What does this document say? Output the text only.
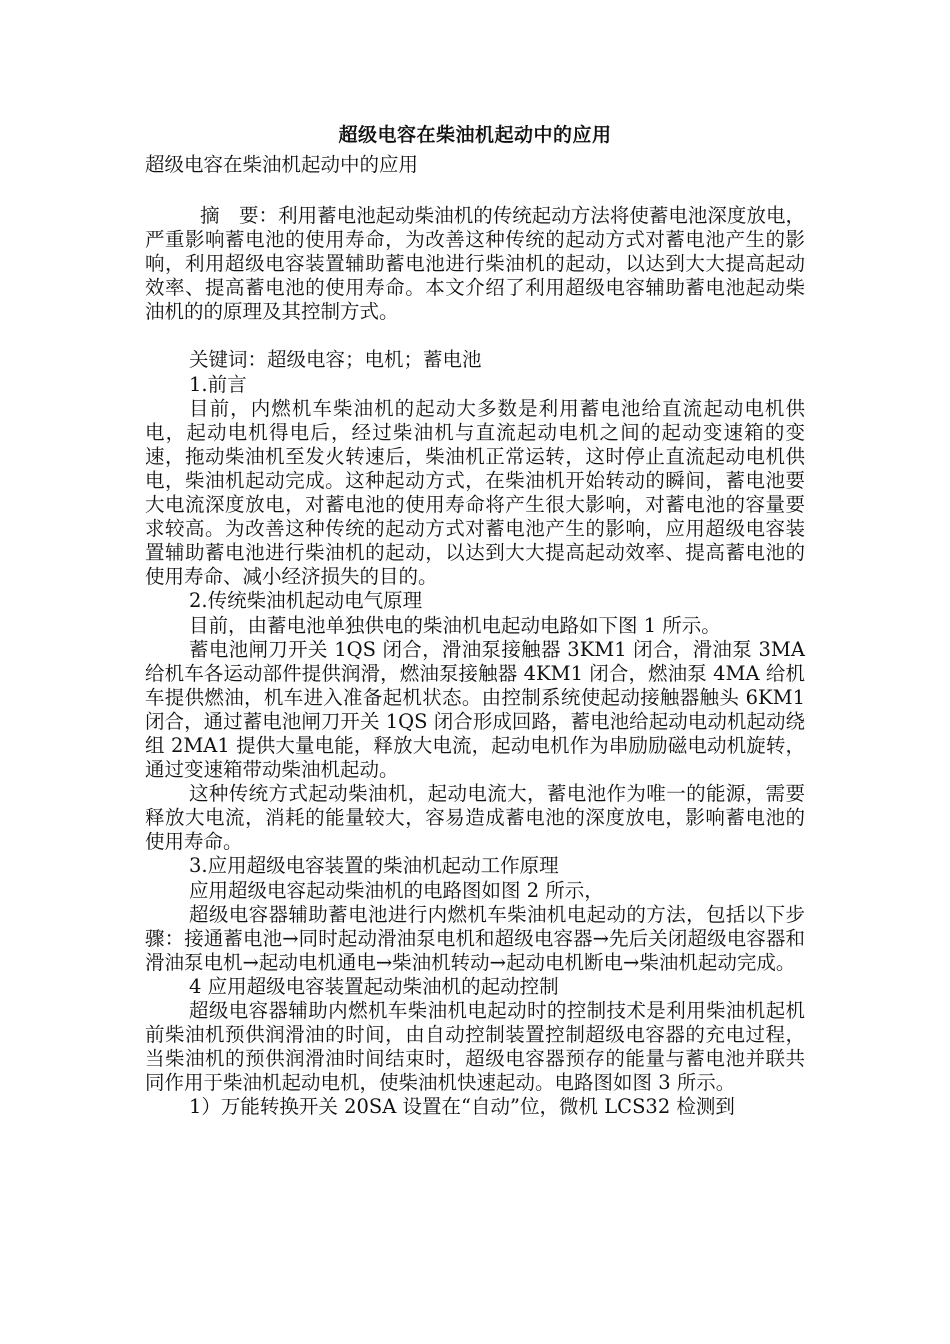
超级电容在柴油机起动中的应用

超级电容在柴油机起动中的应用

摘　要：利用蓄电池起动柴油机的传统起动方法将使蓄电池深度放电，严重影响蓄电池的使用寿命，为改善这种传统的起动方式对蓄电池产生的影响，利用超级电容装置辅助蓄电池进行柴油机的起动，以达到大大提高起动效率、提高蓄电池的使用寿命。本文介绍了利用超级电容辅助蓄电池起动柴油机的的原理及其控制方式。

关键词：超级电容；电机；蓄电池

1.前言

目前，内燃机车柴油机的起动大多数是利用蓄电池给直流起动电机供电，起动电机得电后，经过柴油机与直流起动电机之间的起动变速箱的变速，拖动柴油机至发火转速后，柴油机正常运转，这时停止直流起动电机供电，柴油机起动完成。这种起动方式，在柴油机开始转动的瞬间，蓄电池要大电流深度放电，对蓄电池的使用寿命将产生很大影响，对蓄电池的容量要求较高。为改善这种传统的起动方式对蓄电池产生的影响，应用超级电容装置辅助蓄电池进行柴油机的起动，以达到大大提高起动效率、提高蓄电池的使用寿命、减小经济损失的目的。

2.传统柴油机起动电气原理

目前，由蓄电池单独供电的柴油机电起动电路如下图 1 所示。

蓄电池闸刀开关 1QS 闭合，滑油泵接触器 3KM1 闭合，滑油泵 3MA 给机车各运动部件提供润滑，燃油泵接触器 4KM1 闭合，燃油泵 4MA 给机车提供燃油，机车进入准备起机状态。由控制系统使起动接触器触头 6KM1 闭合，通过蓄电池闸刀开关 1QS 闭合形成回路，蓄电池给起动电动机起动绕组 2MA1 提供大量电能，释放大电流，起动电机作为串励励磁电动机旋转，通过变速箱带动柴油机起动。

这种传统方式起动柴油机，起动电流大，蓄电池作为唯一的能源，需要释放大电流，消耗的能量较大，容易造成蓄电池的深度放电，影响蓄电池的使用寿命。

3.应用超级电容装置的柴油机起动工作原理

应用超级电容起动柴油机的电路图如图 2 所示，

超级电容器辅助蓄电池进行内燃机车柴油机电起动的方法，包括以下步骤：接通蓄电池→同时起动滑油泵电机和超级电容器→先后关闭超级电容器和滑油泵电机→起动电机通电→柴油机转动→起动电机断电→柴油机起动完成。

4 应用超级电容装置起动柴油机的起动控制

超级电容器辅助内燃机车柴油机电起动时的控制技术是利用柴油机起机前柴油机预供润滑油的时间，由自动控制装置控制超级电容器的充电过程，当柴油机的预供润滑油时间结束时，超级电容器预存的能量与蓄电池并联共同作用于柴油机起动电机，使柴油机快速起动。电路图如图 3 所示。

1）万能转换开关 20SA 设置在“自动”位，微机 LCS32 检测到
